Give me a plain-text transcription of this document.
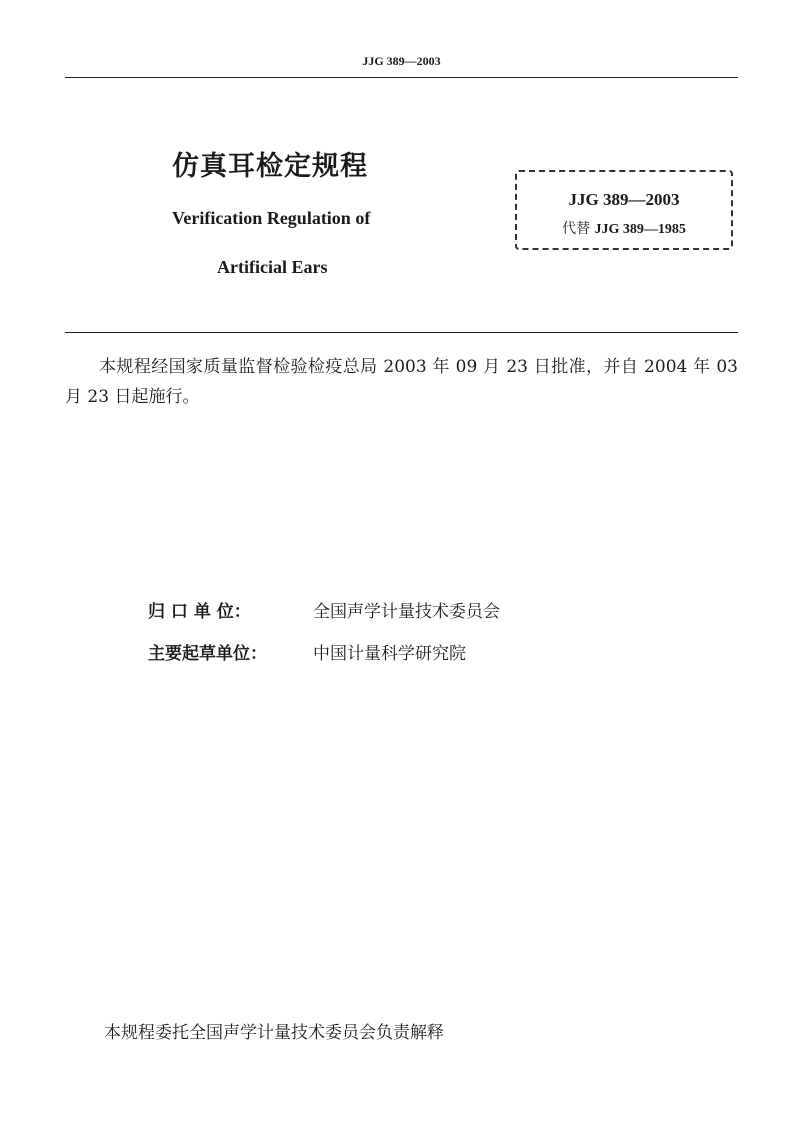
JJG 389—2003
仿真耳检定规程
Verification Regulation of
Artificial Ears
JJG 389—2003
代替 JJG 389—1985
本规程经国家质量监督检验检疫总局 2003 年 09 月 23 日批准，并自 2004 年 03 月 23 日起施行。
归 口 单 位：	全国声学计量技术委员会
主要起草单位：	中国计量科学研究院
本规程委托全国声学计量技术委员会负责解释
